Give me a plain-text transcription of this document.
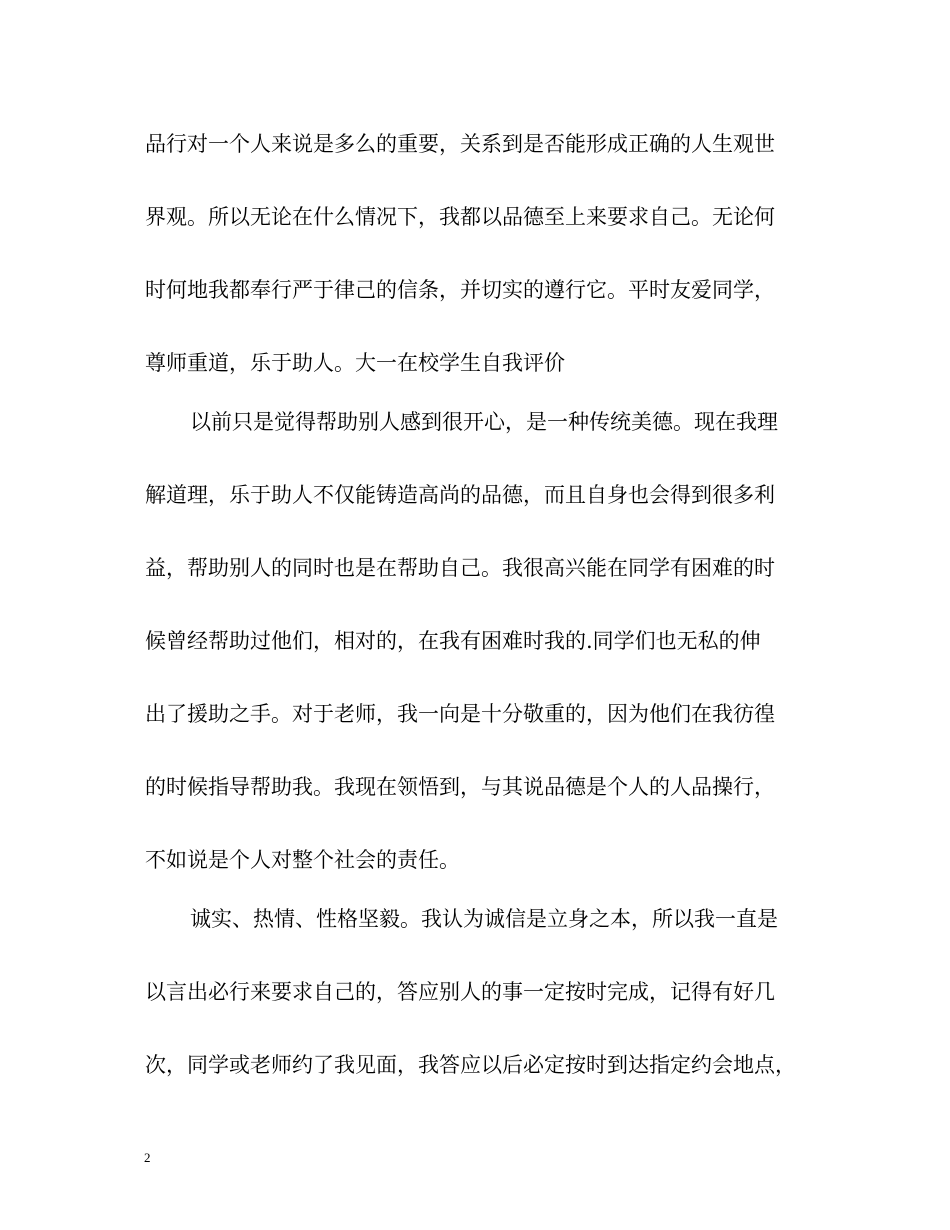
品行对一个人来说是多么的重要，关系到是否能形成正确的人生观世
界观。所以无论在什么情况下，我都以品德至上来要求自己。无论何
时何地我都奉行严于律己的信条，并切实的遵行它。平时友爱同学，
尊师重道，乐于助人。大一在校学生自我评价
以前只是觉得帮助别人感到很开心，是一种传统美德。现在我理
解道理，乐于助人不仅能铸造高尚的品德，而且自身也会得到很多利
益，帮助别人的同时也是在帮助自己。我很高兴能在同学有困难的时
候曾经帮助过他们，相对的，在我有困难时我的.同学们也无私的伸
出了援助之手。对于老师，我一向是十分敬重的，因为他们在我彷徨
的时候指导帮助我。我现在领悟到，与其说品德是个人的人品操行，
不如说是个人对整个社会的责任。
诚实、热情、性格坚毅。我认为诚信是立身之本，所以我一直是
以言出必行来要求自己的，答应别人的事一定按时完成，记得有好几
次，同学或老师约了我见面，我答应以后必定按时到达指定约会地点，
2
